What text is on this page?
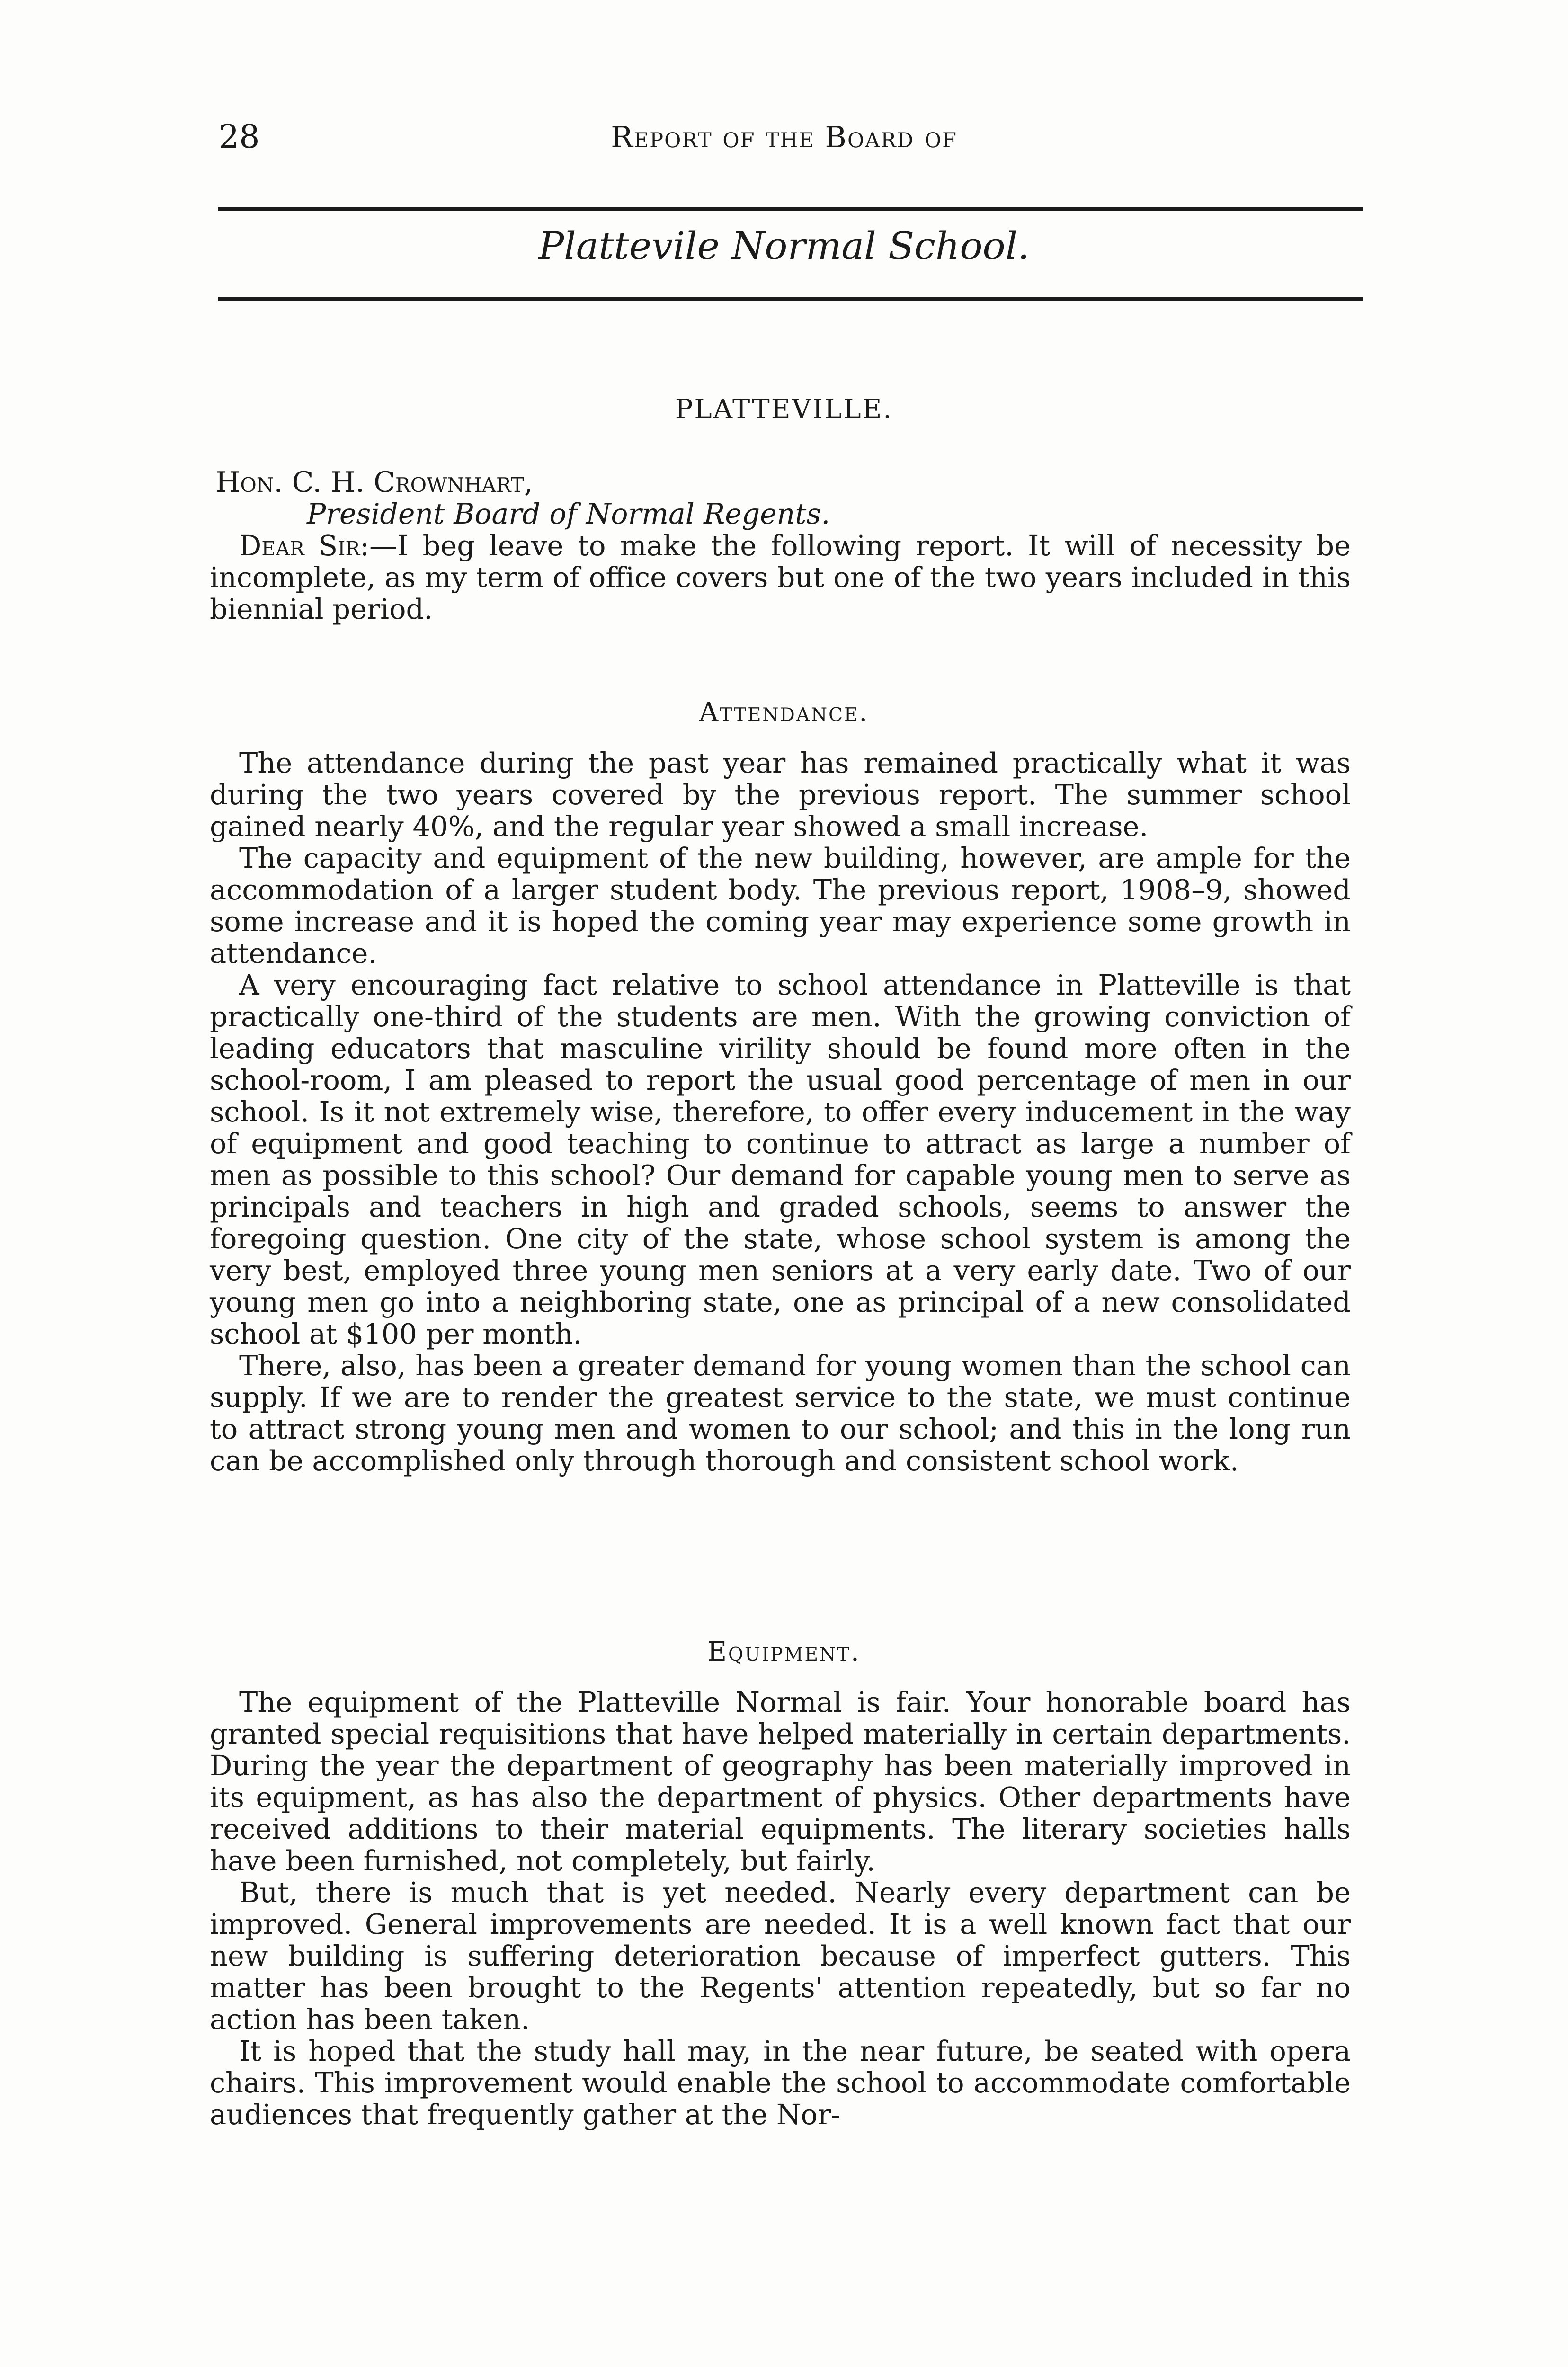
28	Report of the Board of
Plattevile Normal School.
PLATTEVILLE.
Hon. C. H. Crownhart,
President Board of Normal Regents.

Dear Sir:—I beg leave to make the following report. It will of necessity be incomplete, as my term of office covers but one of the two years included in this biennial period.

Attendance.

The attendance during the past year has remained practically what it was during the two years covered by the previous report. The summer school gained nearly 40%, and the regular year showed a small increase.

The capacity and equipment of the new building, however, are ample for the accommodation of a larger student body. The previous report, 1908–9, showed some increase and it is hoped the coming year may experience some growth in attendance.

A very encouraging fact relative to school attendance in Platteville is that practically one-third of the students are men. With the growing conviction of leading educators that masculine virility should be found more often in the school-room, I am pleased to report the usual good percentage of men in our school. Is it not extremely wise, therefore, to offer every inducement in the way of equipment and good teaching to continue to attract as large a number of men as possible to this school? Our demand for capable young men to serve as principals and teachers in high and graded schools, seems to answer the foregoing question. One city of the state, whose school system is among the very best, employed three young men seniors at a very early date. Two of our young men go into a neighboring state, one as principal of a new consolidated school at $100 per month.

There, also, has been a greater demand for young women than the school can supply. If we are to render the greatest service to the state, we must continue to attract strong young men and women to our school; and this in the long run can be accomplished only through thorough and consistent school work.

Equipment.

The equipment of the Platteville Normal is fair. Your honorable board has granted special requisitions that have helped materially in certain departments. During the year the department of geography has been materially improved in its equipment, as has also the department of physics. Other departments have received additions to their material equipments. The literary societies halls have been furnished, not completely, but fairly.

But, there is much that is yet needed. Nearly every department can be improved. General improvements are needed. It is a well known fact that our new building is suffering deterioration because of imperfect gutters. This matter has been brought to the Regents' attention repeatedly, but so far no action has been taken.

It is hoped that the study hall may, in the near future, be seated with opera chairs. This improvement would enable the school to accommodate comfortable audiences that frequently gather at the Nor-
